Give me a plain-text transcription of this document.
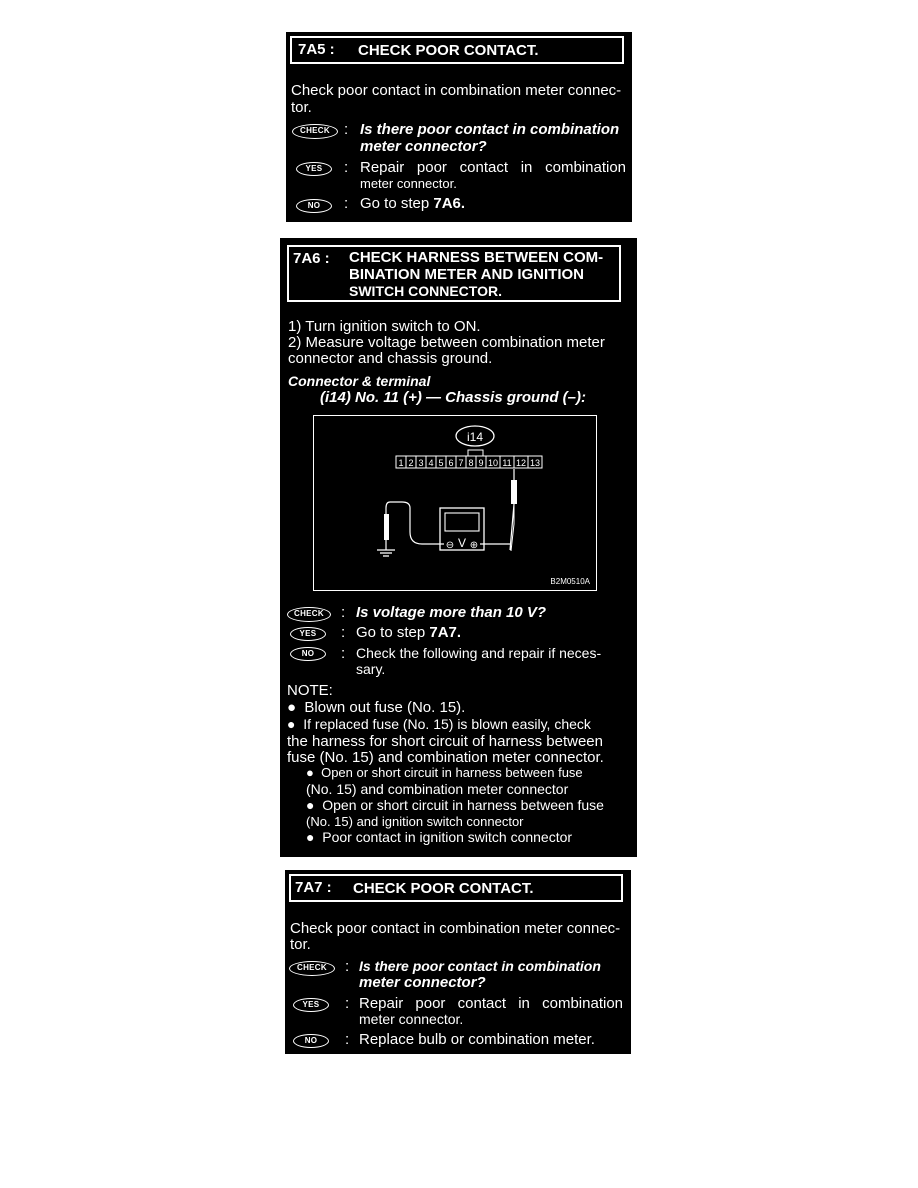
7A5 : CHECK POOR CONTACT.
Check poor contact in combination meter connec-
tor.
CHECK : Is there poor contact in combination
meter connector?
YES	: Repair poor contact in combination
meter connector.
NO	: Go to step 7A6.
7A6 : CHECK HARNESS BETWEEN COM-
BINATION METER AND IGNITION
SWITCH CONNECTOR.
1) Turn ignition switch to ON.
2) Measure voltage between combination meter
connector and chassis ground.
Connector & terminal
(i14) No. 11 (+) — Chassis ground (–):
i14
1 2 3 4 5 6 7 8 9 10 11 12 13
V
⊖ ⊕
B2M0510A
CHECK	: Is voltage more than 10 V?
YES	: Go to step 7A7.
NO	: Check the following and repair if neces-
sary.
NOTE:
●  Blown out fuse (No. 15).
●  If replaced fuse (No. 15) is blown easily, check
the harness for short circuit of harness between
fuse (No. 15) and combination meter connector.
●  Open or short circuit in harness between fuse
(No. 15) and combination meter connector
●  Open or short circuit in harness between fuse
(No. 15) and ignition switch connector
●  Poor contact in ignition switch connector
7A7 : CHECK POOR CONTACT.
Check poor contact in combination meter connec-
tor.
CHECK	: Is there poor contact in combination
meter connector?
YES	: Repair poor contact in combination
meter connector.
NO	: Replace bulb or combination meter.
